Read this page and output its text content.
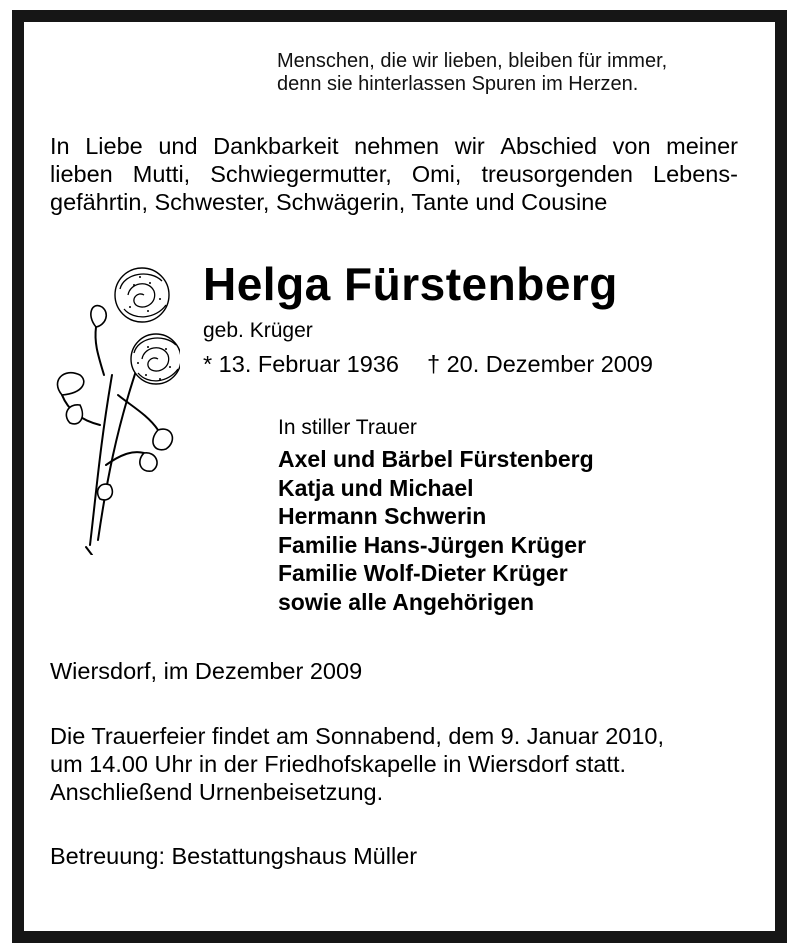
Menschen, die wir lieben, bleiben für immer,
denn sie hinterlassen Spuren im Herzen.
In Liebe und Dankbarkeit nehmen wir Abschied von meiner
lieben Mutti, Schwiegermutter, Omi, treusorgenden Lebens-
gefährtin, Schwester, Schwägerin, Tante und Cousine
Helga Fürstenberg
geb. Krüger
* 13. Februar 1936 † 20. Dezember 2009
In stiller Trauer
Axel und Bärbel Fürstenberg
Katja und Michael
Hermann Schwerin
Familie Hans-Jürgen Krüger
Familie Wolf-Dieter Krüger
sowie alle Angehörigen
Wiersdorf, im Dezember 2009
Die Trauerfeier findet am Sonnabend, dem 9. Januar 2010,
um 14.00 Uhr in der Friedhofskapelle in Wiersdorf statt.
Anschließend Urnenbeisetzung.
Betreuung: Bestattungshaus Müller
